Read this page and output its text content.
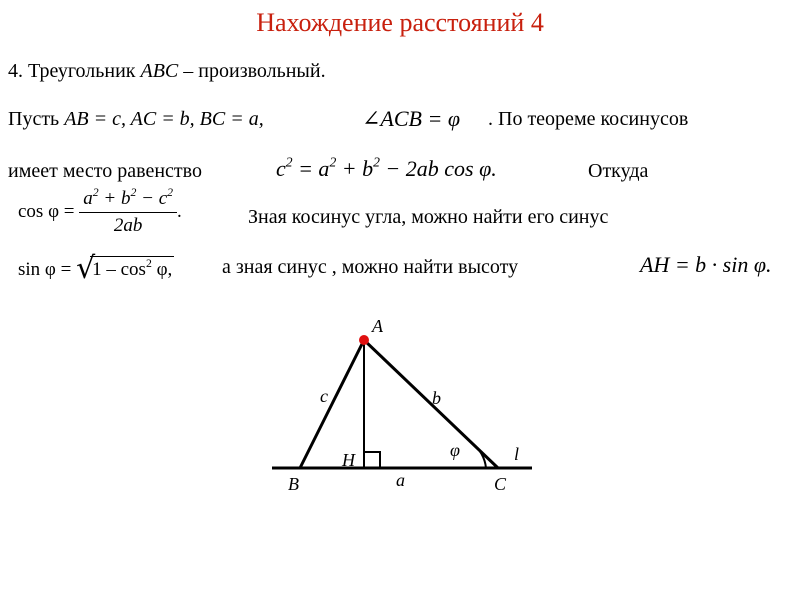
Нахождение расстояний 4
4. Треугольник ABC – произвольный.
Пусть AB = c, AC = b, BC = a,	∠ACB = φ . По теореме косинусов
имеет место равенство	$c^2 = a^2 + b^2 - 2ab$ cos φ.	Откуда
$\cos \varphi = \frac{a^2 + b^2 - c^2}{2ab}$ .	Зная косинус угла, можно найти его синус
sin φ = √ $1 - \cos^2 \varphi$, а зная синус , можно найти высоту	AH = b · sin φ.
A
B	C
H
a
b
c
l
φ
